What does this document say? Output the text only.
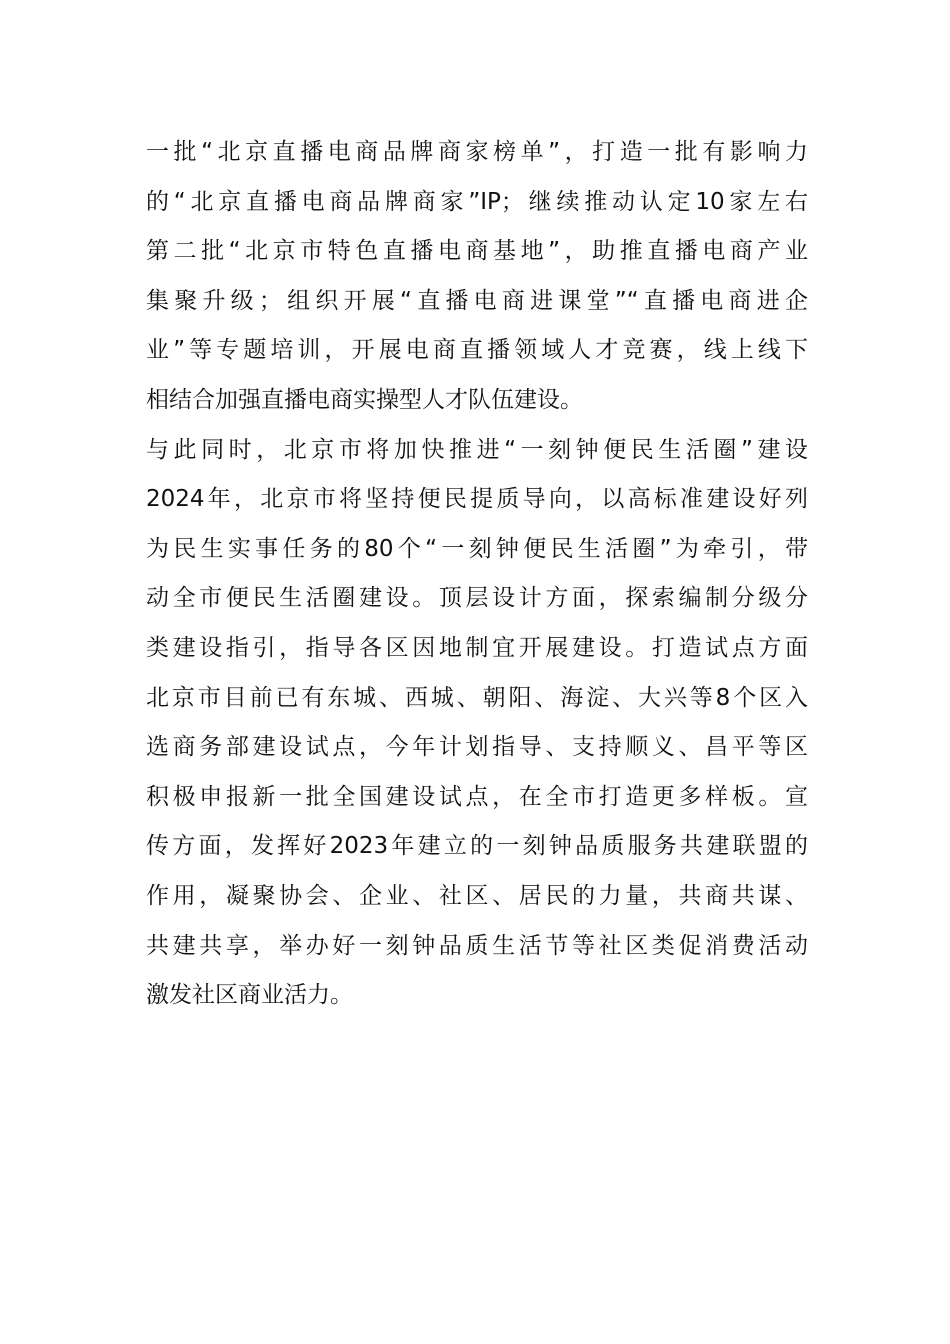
一批“北京直播电商品牌商家榜单”，打造一批有影响力
的“北京直播电商品牌商家”IP；继续推动认定10家左右
第二批“北京市特色直播电商基地”，助推直播电商产业
集聚升级；组织开展“直播电商进课堂”“直播电商进企
业”等专题培训，开展电商直播领域人才竞赛，线上线下
相结合加强直播电商实操型人才队伍建设。
与此同时，北京市将加快推进“一刻钟便民生活圈”建设
2024年，北京市将坚持便民提质导向，以高标准建设好列
为民生实事任务的80个“一刻钟便民生活圈”为牵引，带
动全市便民生活圈建设。顶层设计方面，探索编制分级分
类建设指引，指导各区因地制宜开展建设。打造试点方面
北京市目前已有东城、西城、朝阳、海淀、大兴等8个区入
选商务部建设试点，今年计划指导、支持顺义、昌平等区
积极申报新一批全国建设试点，在全市打造更多样板。宣
传方面，发挥好2023年建立的一刻钟品质服务共建联盟的
作用，凝聚协会、企业、社区、居民的力量，共商共谋、
共建共享，举办好一刻钟品质生活节等社区类促消费活动
激发社区商业活力。
